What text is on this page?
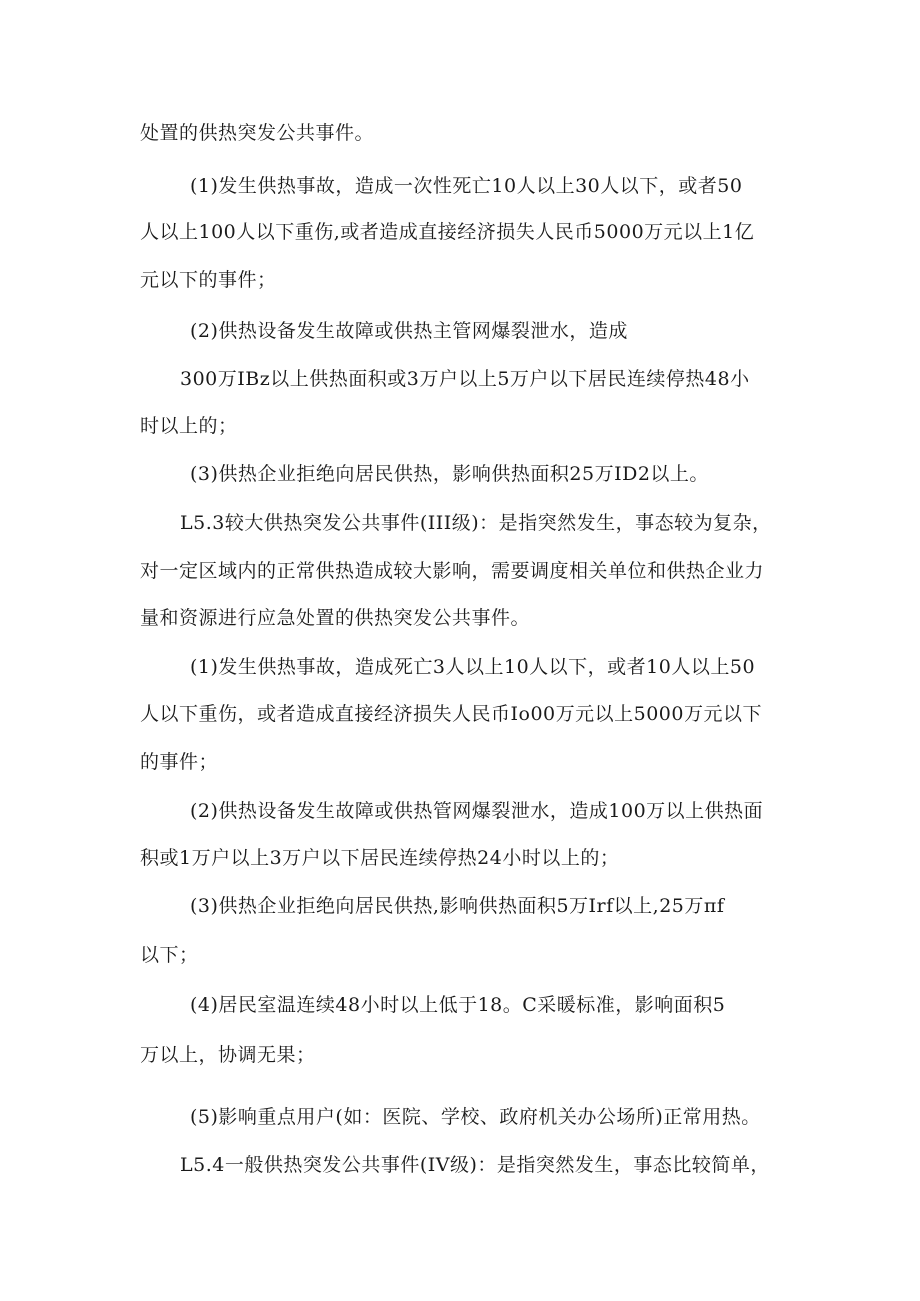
处置的供热突发公共事件。
(1)发生供热事故，造成一次性死亡10人以上30人以下，或者50
人以上100人以下重伤,或者造成直接经济损失人民币5000万元以上1亿
元以下的事件；
(2)供热设备发生故障或供热主管网爆裂泄水，造成
300万IBz以上供热面积或3万户以上5万户以下居民连续停热48小
时以上的；
(3)供热企业拒绝向居民供热，影响供热面积25万ID2以上。
L5.3较大供热突发公共事件(III级)：是指突然发生，事态较为复杂，
对一定区域内的正常供热造成较大影响，需要调度相关单位和供热企业力
量和资源进行应急处置的供热突发公共事件。
(1)发生供热事故，造成死亡3人以上10人以下，或者10人以上50
人以下重伤，或者造成直接经济损失人民币Io00万元以上5000万元以下
的事件；
(2)供热设备发生故障或供热管网爆裂泄水，造成100万以上供热面
积或1万户以上3万户以下居民连续停热24小时以上的；
(3)供热企业拒绝向居民供热,影响供热面积5万Irf以上,25万πf
以下；
(4)居民室温连续48小时以上低于18。C采暖标准，影响面积5
万以上，协调无果；
(5)影响重点用户(如：医院、学校、政府机关办公场所)正常用热。
L5.4一般供热突发公共事件(IV级)：是指突然发生，事态比较简单，
